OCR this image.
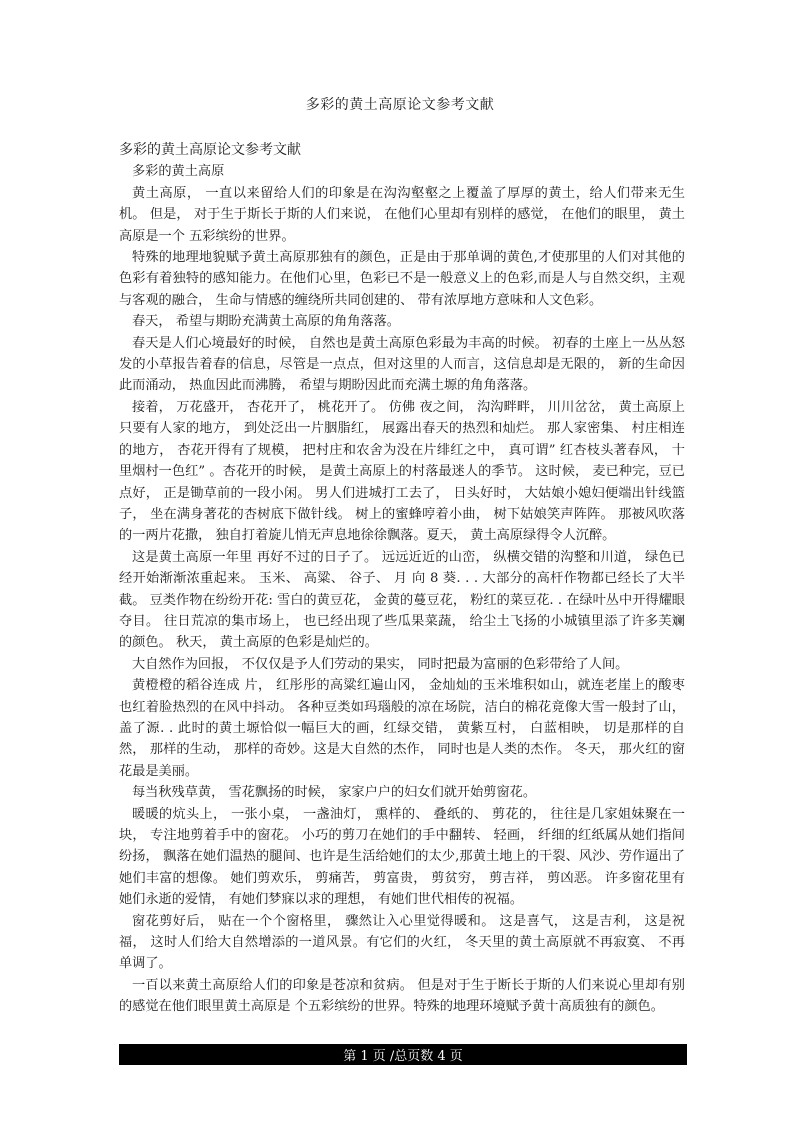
多彩的黄土高原论文参考文献
多彩的黄土高原论文参考文献

多彩的黄土高原

黄土高原， 一直以来留给人们的印象是在沟沟壑壑之上覆盖了厚厚的黄土，给人们带来无生机。 但是， 对于生于斯长于斯的人们来说， 在他们心里却有别样的感觉， 在他们的眼里， 黄土高原是一个 五彩缤纷的世界。

特殊的地理地貌赋予黄土高原那独有的颜色，正是由于那单调的黄色,才使那里的人们对其他的色彩有着独特的感知能力。在他们心里，色彩已不是一般意义上的色彩,而是人与自然交织，主观与客观的融合， 生命与情感的缠绕所共同创建的、 带有浓厚地方意味和人文色彩。

春天， 希望与期盼充满黄土高原的角角落落。

春天是人们心境最好的时候， 自然也是黄土高原色彩最为丰高的时候。 初春的土座上一丛丛怒发的小草报告着春的信息，尽管是一点点，但对这里的人而言，这信息却是无限的， 新的生命因此而涌动， 热血因此而沸腾， 希望与期盼因此而充满土塬的角角落落。

接着， 万花盛开， 杏花开了， 桃花开了。 仿佛 夜之间， 沟沟畔畔， 川川岔岔， 黄土高原上只要有人家的地方， 到处泛出一片胭脂红， 展露出春天的热烈和灿烂。 那人家密集、 村庄相连的地方， 杏花开得有了规模， 把村庄和农舍为没在片绯红之中， 真可谓” 红杏枝头著春风， 十里烟村一色红” 。杏花开的时候， 是黄土高原上的村落最迷人的季节。 这时候， 麦已种完，豆已点好， 正是锄草前的一段小闲。 男人们进城打工去了， 日头好时， 大姑娘小媳妇便端出针线篮子， 坐在满身著花的杏树底下做针线。 树上的蜜蜂哼着小曲， 树下姑娘笑声阵阵。 那被风吹落的一两片花撒， 独自打着旋儿悄无声息地徐徐飘落。夏天， 黄土高原绿得令人沉醉。

这是黄土高原一年里 再好不过的日子了。 远远近近的山峦， 纵横交错的沟整和川道， 绿色已经开始渐渐浓重起来。 玉米、 高粱、 谷子、 月 向 8 葵. . . 大部分的高杆作物都已经长了大半截。 豆类作物在纷纷开花: 雪白的黄豆花， 金黄的蔓豆花， 粉红的菜豆花. . 在绿叶丛中开得耀眼夺目。 往日荒凉的集市场上， 也已经出现了些瓜果菜蔬， 给尘土飞扬的小城镇里添了许多芙斓的颜色。 秋天， 黄土高原的色彩是灿烂的。

大自然作为回报， 不仅仅是予人们劳动的果实， 同时把最为富丽的色彩带给了人间。

黄橙橙的稻谷连成 片， 红彤彤的高粱红遍山冈， 金灿灿的玉米堆积如山，就连老崖上的酸枣也红着脸热烈的在风中抖动。 各种豆类如玛瑙般的凉在场院，洁白的棉花竟像大雪一般封了山，盖了源. . 此时的黄土塬恰似一幅巨大的画，红绿交错， 黄紫互村， 白蓝相映， 切是那样的自然， 那样的生动， 那样的奇妙。这是大自然的杰作， 同时也是人类的杰作。 冬天， 那火红的窗花最是美丽。

每当秋残草黄， 雪花飘扬的时候， 家家户户的妇女们就开始剪窗花。

暖暖的炕头上， 一张小桌， 一盏油灯， 熏样的、 叠纸的、 剪花的， 往往是几家姐妹聚在一块， 专注地剪着手中的窗花。 小巧的剪刀在她们的手中翻转、 轻画， 纤细的红纸属从她们指间纷扬， 飘落在她们温热的腿间、也许是生活给她们的太少,那黄土地上的干裂、风沙、劳作逼出了她们丰富的想像。 她们剪欢乐， 剪痛苦， 剪富贵， 剪贫穷， 剪吉祥， 剪凶恶。 许多窗花里有她们永逝的爱情， 有她们梦寐以求的理想， 有她们世代相传的祝福。

窗花剪好后， 贴在一个个窗格里， 骤然让入心里觉得暖和。 这是喜气， 这是吉利， 这是祝福， 这时人们给大自然增添的一道风景。有它们的火红， 冬天里的黄土高原就不再寂寞、 不再单调了。

一百以来黄土高原给人们的印象是苍凉和贫病。 但是对于生于断长于斯的人们来说心里却有别的感觉在他们眼里黄土高原是 个五彩缤纷的世界。特殊的地理环境赋予黄十高质独有的颜色。

第 1 页 /总页数 4 页
